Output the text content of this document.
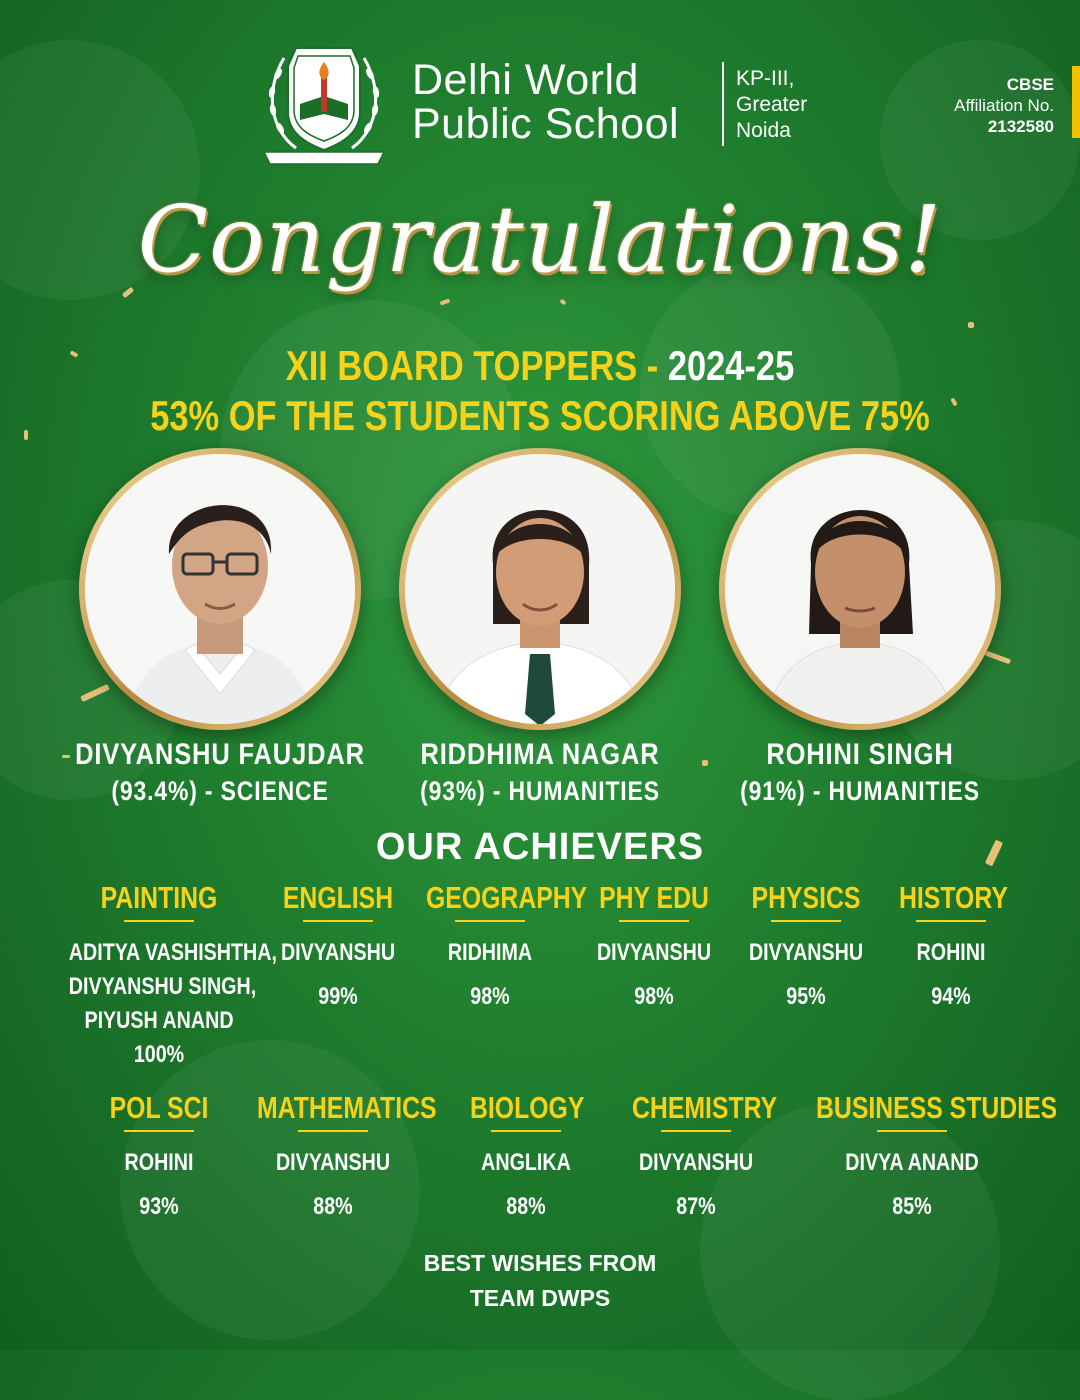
Delhi World
Public School
KP-III,
Greater
Noida
CBSE
Affiliation No.
2132580
Congratulations!
XII BOARD TOPPERS - 2024-25
53% OF THE STUDENTS SCORING ABOVE 75%
DIVYANSHU FAUJDAR
(93.4%) - SCIENCE
RIDDHIMA NAGAR
(93%) - HUMANITIES
ROHINI SINGH
(91%) - HUMANITIES
OUR ACHIEVERS
PAINTING
ADITYA VASHISHTHA,
DIVYANSHU SINGH,
PIYUSH ANAND
100%
ENGLISH
DIVYANSHU
99%
GEOGRAPHY
RIDHIMA
98%
PHY EDU
DIVYANSHU
98%
PHYSICS
DIVYANSHU
95%
HISTORY
ROHINI
94%
POL SCI
ROHINI
93%
MATHEMATICS
DIVYANSHU
88%
BIOLOGY
ANGLIKA
88%
CHEMISTRY
DIVYANSHU
87%
BUSINESS STUDIES
DIVYA ANAND
85%
BEST WISHES FROM
TEAM DWPS
